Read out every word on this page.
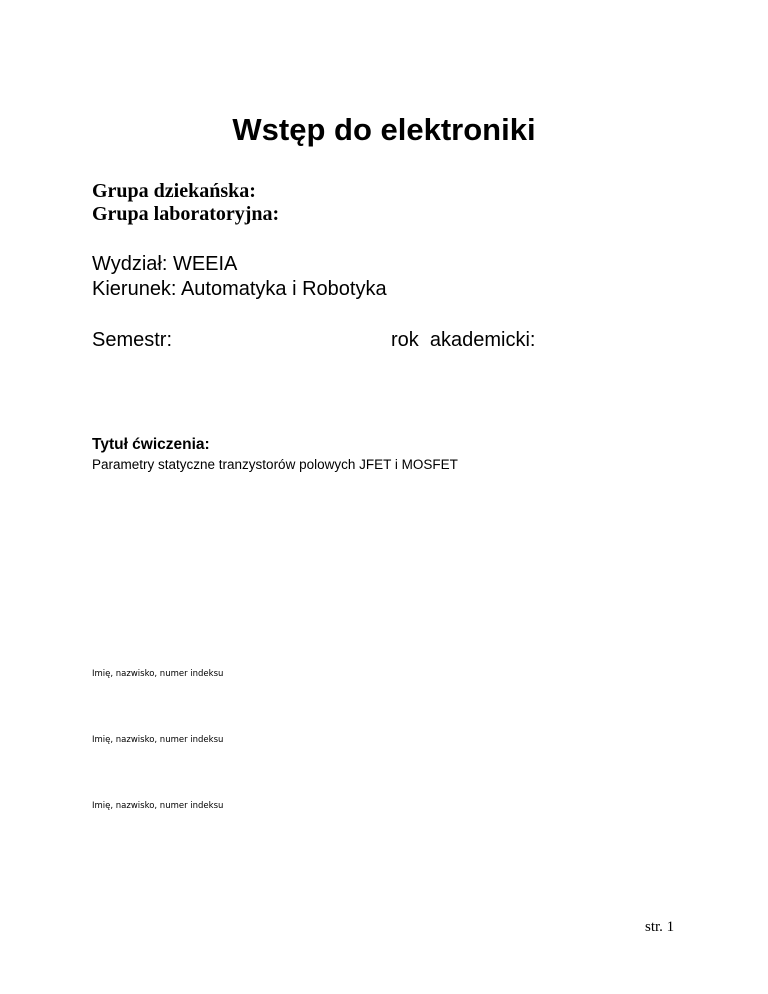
Wstęp do elektroniki

Grupa dziekańska:

Grupa laboratoryjna:

Wydział: WEEIA

Kierunek: Automatyka i Robotyka

Semestr:	rok  akademicki:

Tytuł ćwiczenia:

Parametry statyczne tranzystorów polowych JFET i MOSFET

Imię, nazwisko, numer indeksu

Imię, nazwisko, numer indeksu

Imię, nazwisko, numer indeksu

str. 1
